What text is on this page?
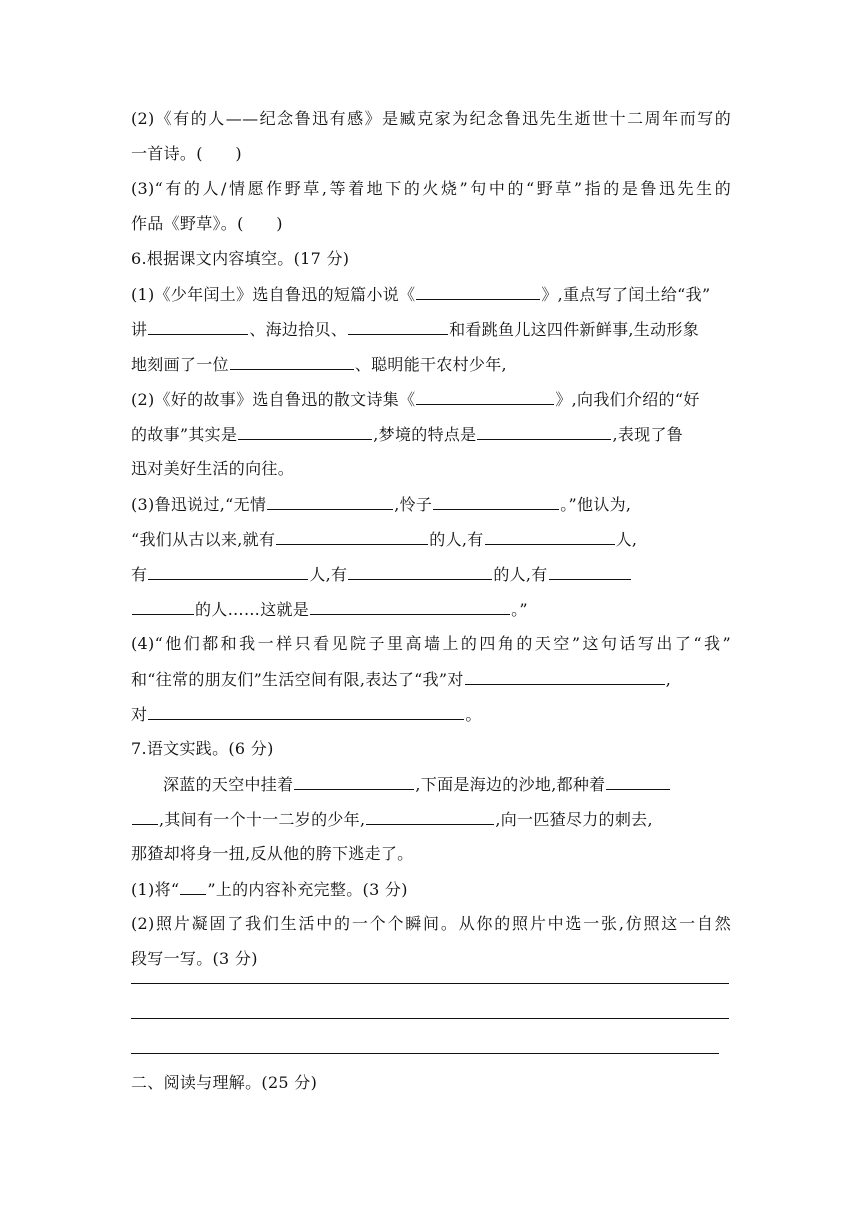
(2)《有的人——纪念鲁迅有感》是臧克家为纪念鲁迅先生逝世十二周年而写的
一首诗。(　　)
(3)“有的人/情愿作野草,等着地下的火烧”句中的“野草”指的是鲁迅先生的
作品《野草》。(　　)
6.根据课文内容填空。(17 分)
(1)《少年闰土》选自鲁迅的短篇小说《	》,重点写了闰土给“我”
讲	、海边拾贝、	和看跳鱼儿这四件新鲜事,生动形象
地刻画了一位	、聪明能干农村少年,
(2)《好的故事》选自鲁迅的散文诗集《	》,向我们介绍的“好
的故事”其实是	,梦境的特点是	,表现了鲁
迅对美好生活的向往。
(3)鲁迅说过,“无情	,怜子	。”他认为,
“我们从古以来,就有	的人,有	人,
有	人,有	的人,有
的人……这就是	。”
(4)“他们都和我一样只看见院子里高墙上的四角的天空”这句话写出了“我”
和“往常的朋友们”生活空间有限,表达了“我”对	,
对	。
7.语文实践。(6 分)
深蓝的天空中挂着	,下面是海边的沙地,都种着
,其间有一个十一二岁的少年,	,向一匹猹尽力的刺去,
那猹却将身一扭,反从他的胯下逃走了。
(1)将“ ”上的内容补充完整。(3 分)
(2)照片凝固了我们生活中的一个个瞬间。从你的照片中选一张,仿照这一自然
段写一写。(3 分)
二、阅读与理解。(25 分)
